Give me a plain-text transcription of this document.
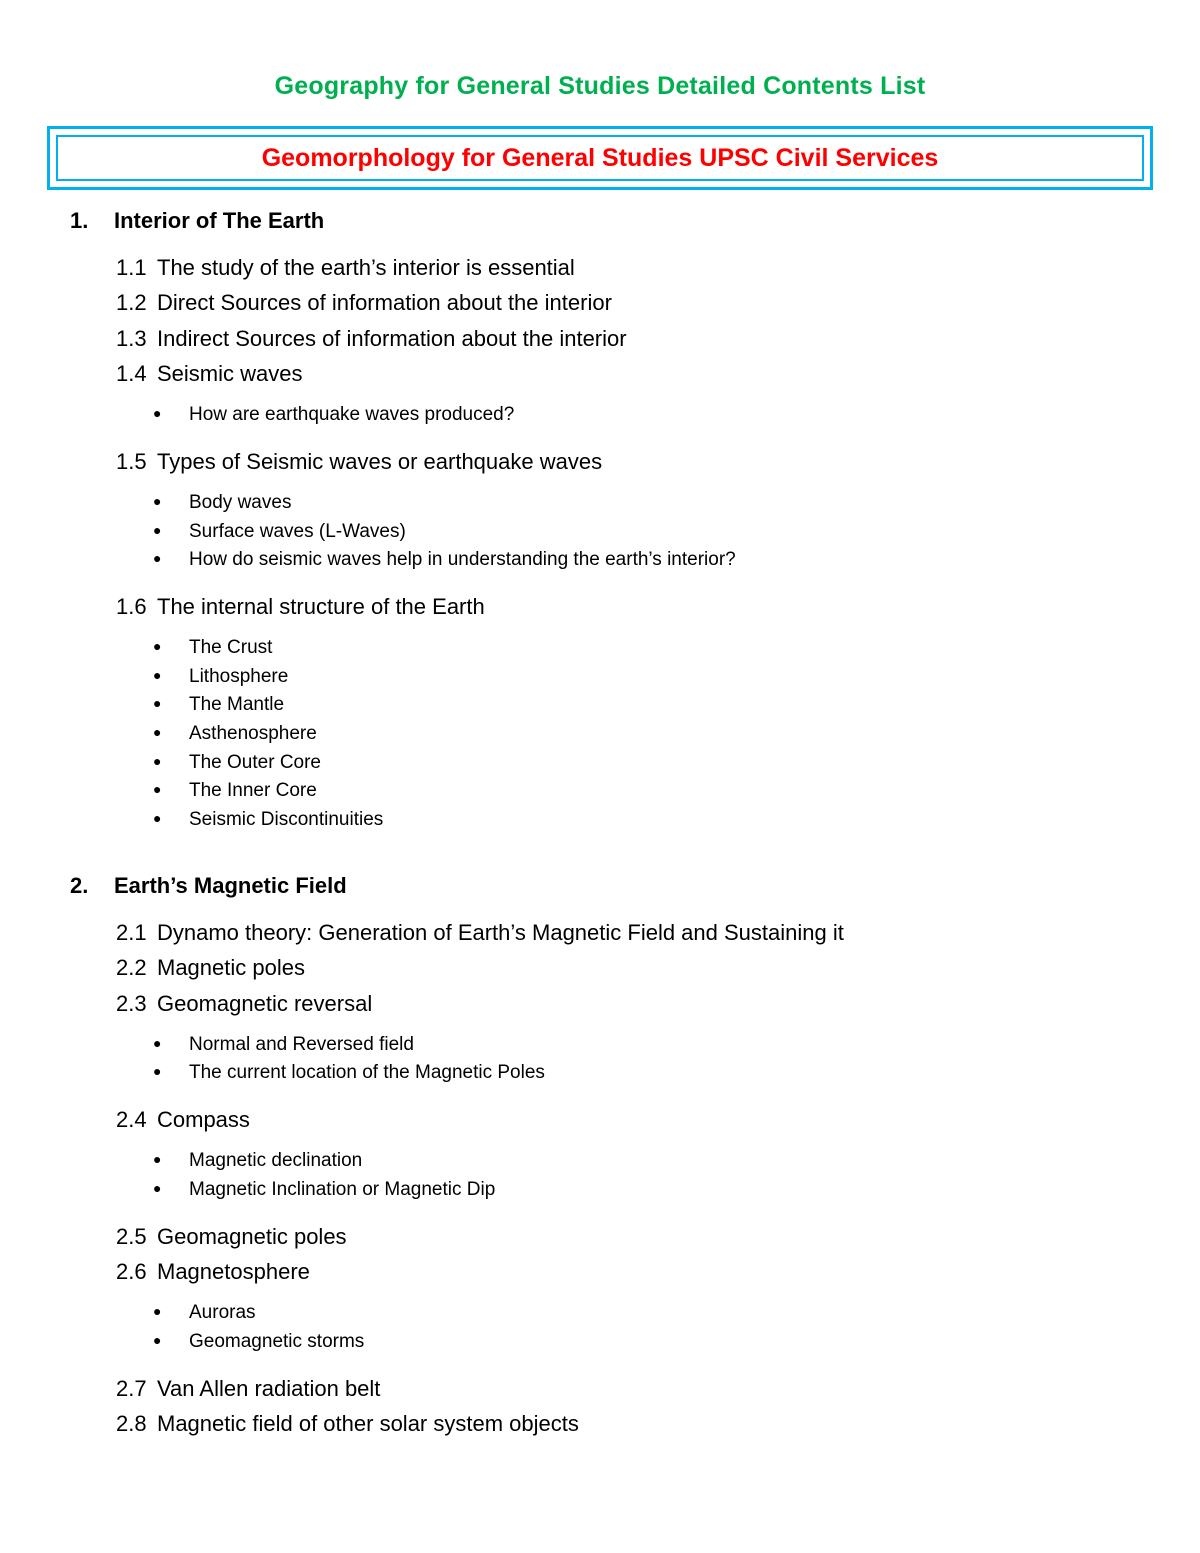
Geography for General Studies Detailed Contents List
Geomorphology for General Studies UPSC Civil Services
1. Interior of The Earth
1.1 The study of the earth’s interior is essential
1.2 Direct Sources of information about the interior
1.3 Indirect Sources of information about the interior
1.4 Seismic waves
● How are earthquake waves produced?
1.5 Types of Seismic waves or earthquake waves
● Body waves
● Surface waves (L-Waves)
● How do seismic waves help in understanding the earth’s interior?
1.6 The internal structure of the Earth
● The Crust
● Lithosphere
● The Mantle
● Asthenosphere
● The Outer Core
● The Inner Core
● Seismic Discontinuities
2. Earth’s Magnetic Field
2.1 Dynamo theory: Generation of Earth’s Magnetic Field and Sustaining it
2.2 Magnetic poles
2.3 Geomagnetic reversal
● Normal and Reversed field
● The current location of the Magnetic Poles
2.4 Compass
● Magnetic declination
● Magnetic Inclination or Magnetic Dip
2.5 Geomagnetic poles
2.6 Magnetosphere
● Auroras
● Geomagnetic storms
2.7 Van Allen radiation belt
2.8 Magnetic field of other solar system objects
